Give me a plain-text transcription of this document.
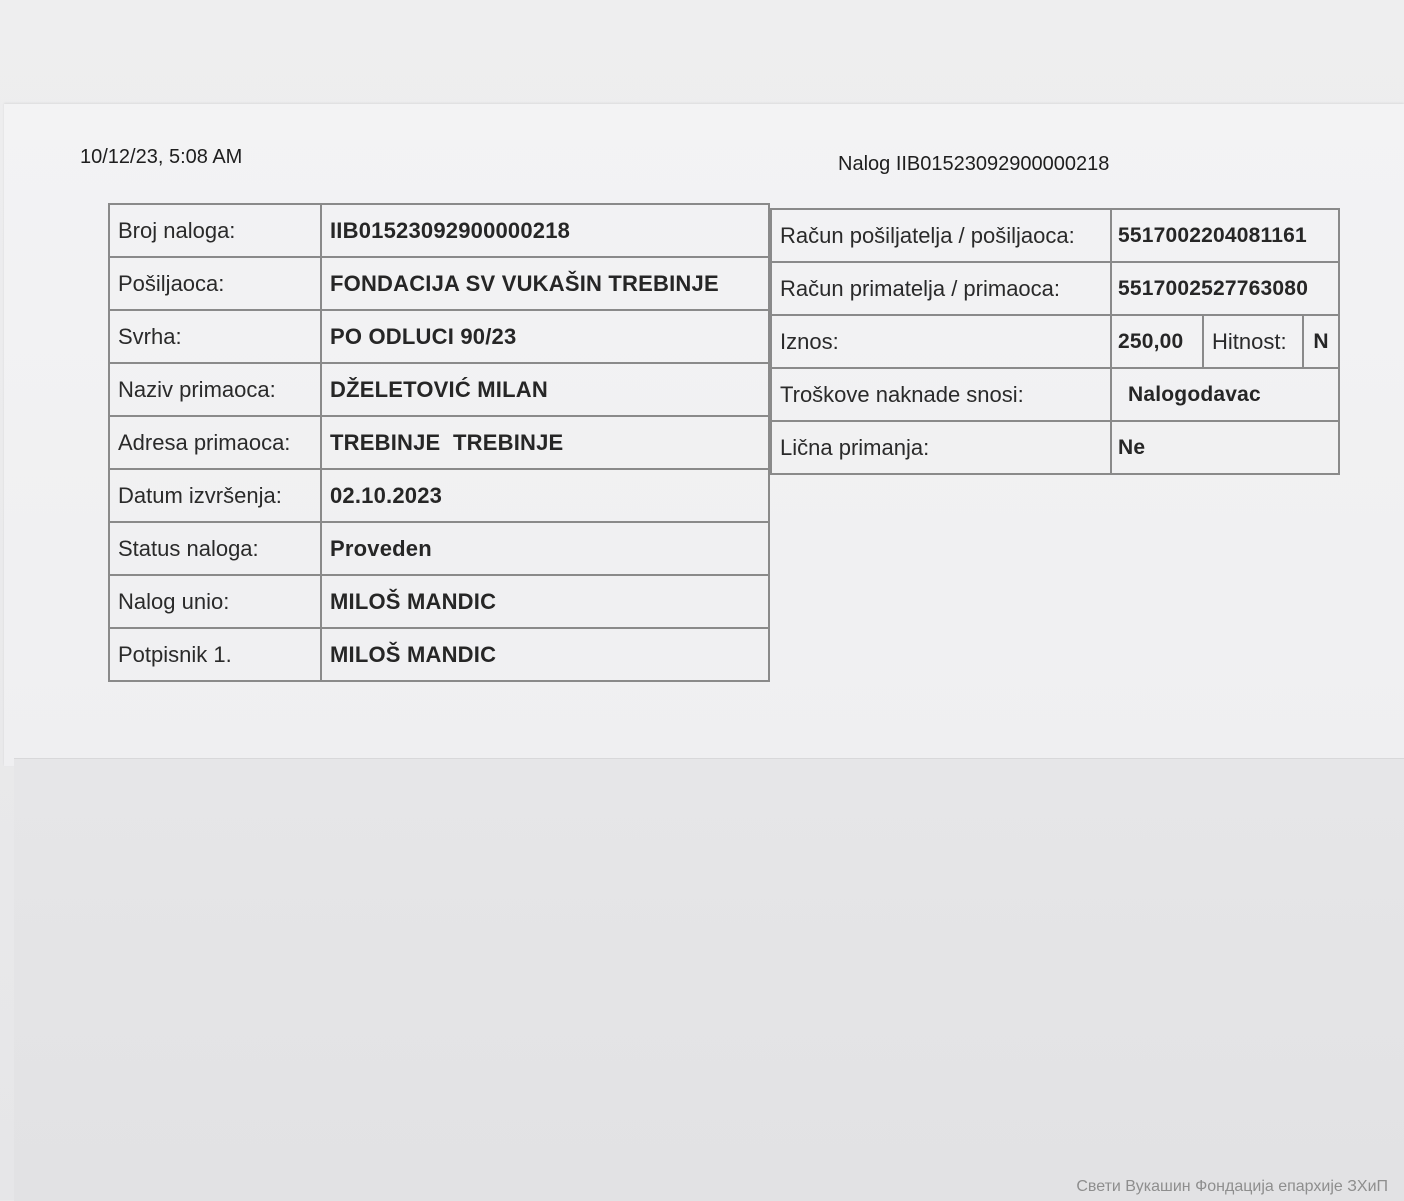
10/12/23, 5:08 AM	Nalog IIB01523092900000218
Broj naloga:	IIB01523092900000218
Pošiljaoca:	FONDACIJA SV VUKAŠIN TREBINJE
Svrha:	PO ODLUCI 90/23
Naziv primaoca:	DŽELETOVIĆ MILAN
Adresa primaoca:	TREBINJE  TREBINJE
Datum izvršenja:	02.10.2023
Status naloga:	Proveden
Nalog unio:	MILOŠ MANDIC
Potpisnik 1.	MILOŠ MANDIC
Račun pošiljatelja / pošiljaoca:	5517002204081161		
Račun primatelja / primaoca:	5517002527763080		
Iznos:	250,00	Hitnost:	N
Troškove naknade snosi:	Nalogodavac		
Lična primanja:	Ne		
Свети Вукашин Фондација епархије ЗХиП
